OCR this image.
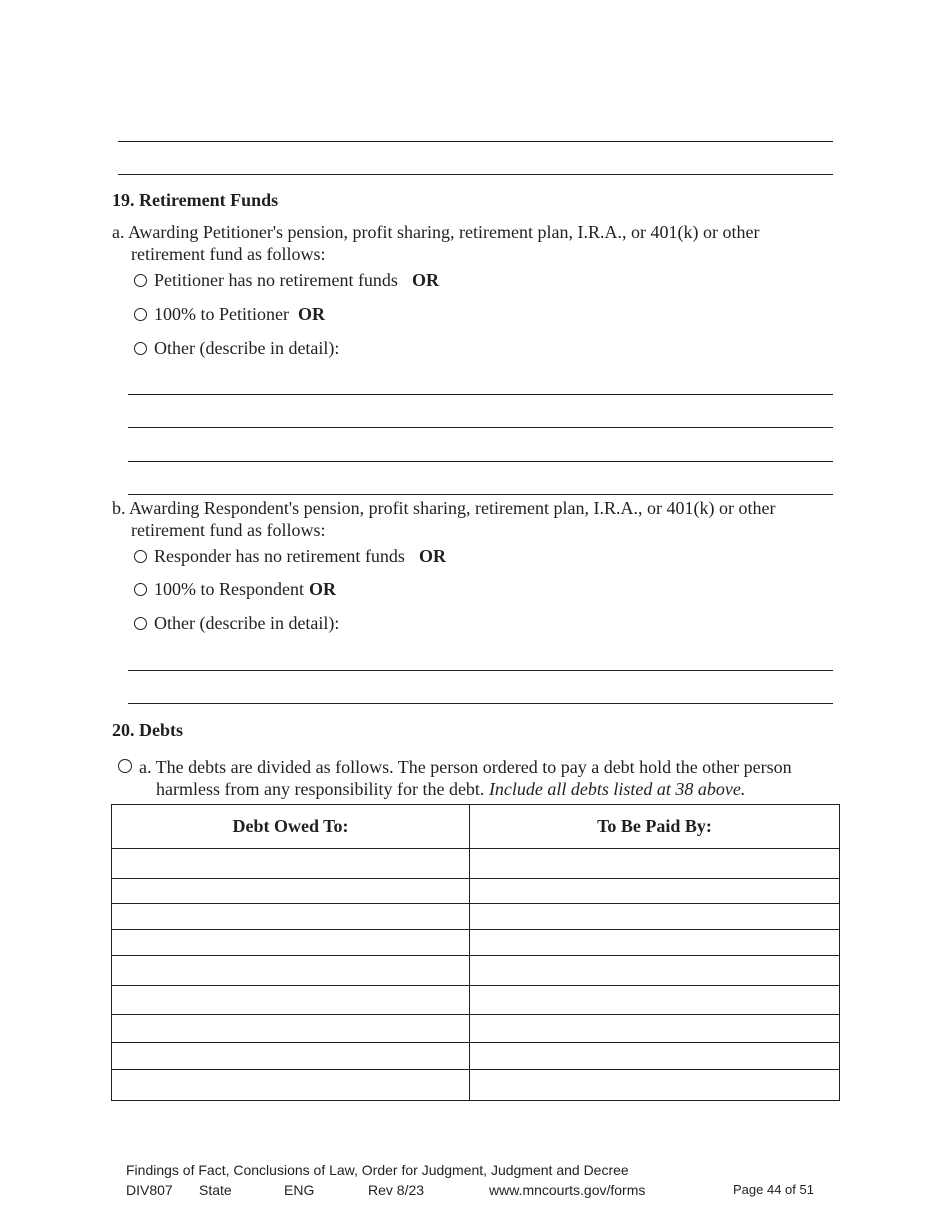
19. Retirement Funds
a. Awarding Petitioner's pension, profit sharing, retirement plan, I.R.A., or 401(k) or other
retirement fund as follows:
Petitioner has no retirement funds OR
100% to Petitioner OR
Other (describe in detail):
b. Awarding Respondent's pension, profit sharing, retirement plan, I.R.A., or 401(k) or other
retirement fund as follows:
Responder has no retirement funds OR
100% to Respondent OR
Other (describe in detail):
20. Debts
a. The debts are divided as follows. The person ordered to pay a debt hold the other person
harmless from any responsibility for the debt. Include all debts listed at 38 above.
Debt Owed To:	To Be Paid By:

Findings of Fact, Conclusions of Law, Order for Judgment, Judgment and Decree
DIV807 State	ENG	Rev 8/23	www.mncourts.gov/forms	Page 44 of 51
